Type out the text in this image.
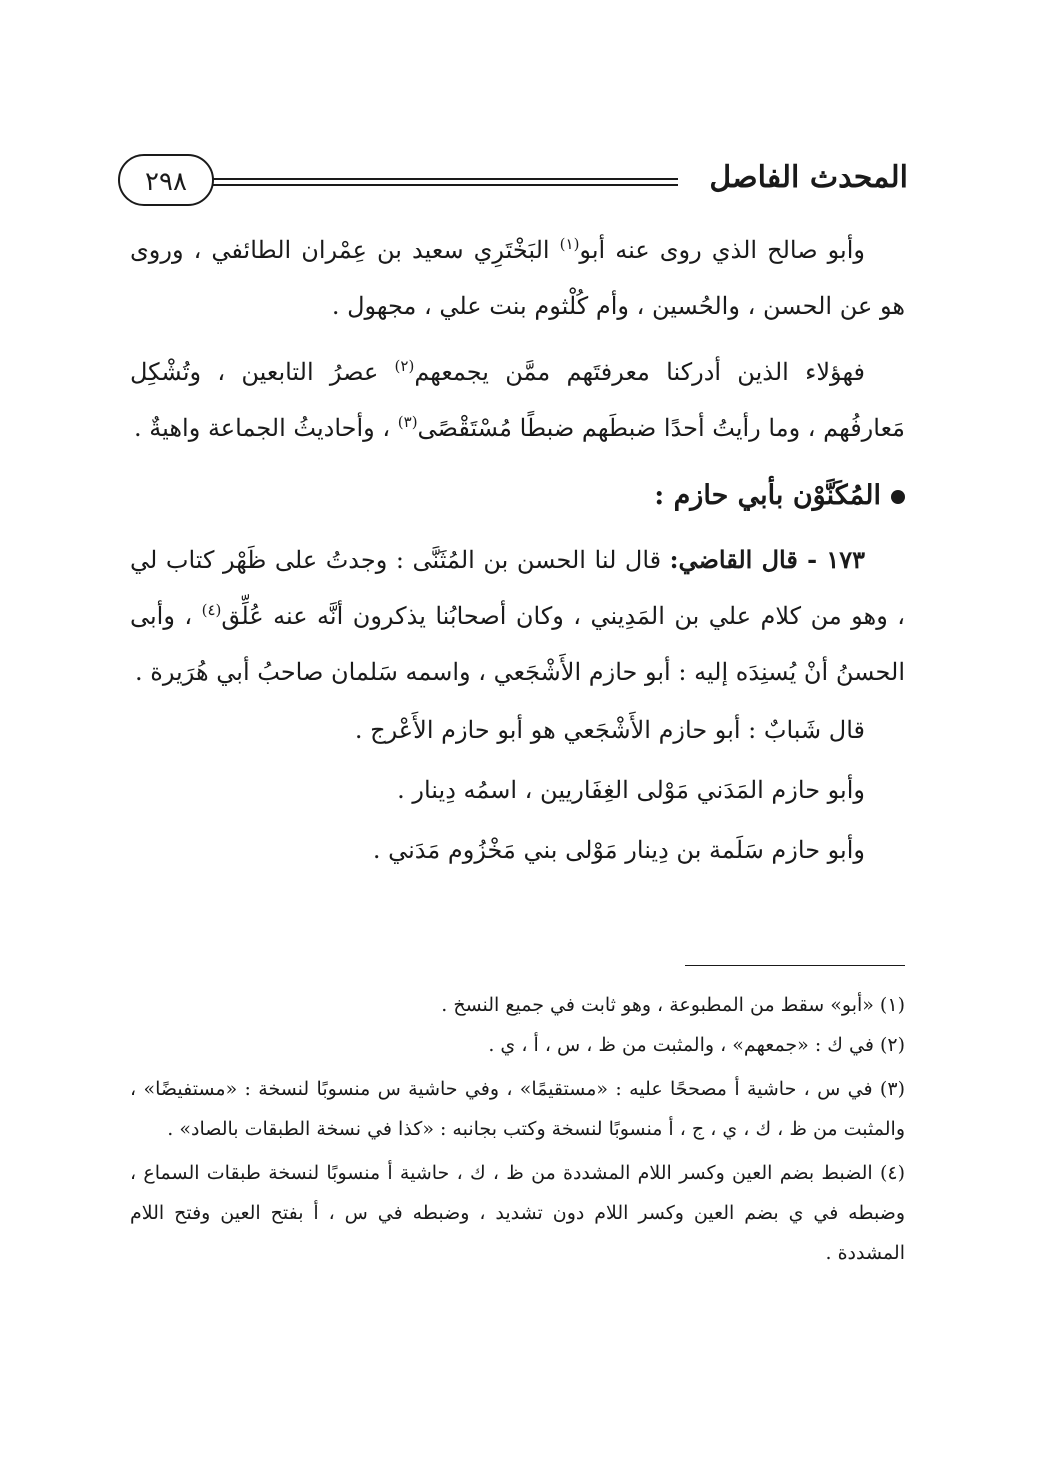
المحدث الفاصل
٢٩٨

وأبو صالح الذي روى عنه أبو$^{(١)}$ البَخْتَرِي سعيد بن عِمْران الطائفي ، وروى هو عن الحسن ، والحُسين ، وأم كُلْثوم بنت علي ، مجهول .

فهؤلاء الذين أدركنا معرفتَهم ممَّن يجمعهم$^{(٢)}$ عصرُ التابعين ، وتُشْكِل مَعارفُهم ، وما رأيتُ أحدًا ضبطَهم ضبطًا مُسْتَقْصًى$^{(٣)}$ ، وأحاديثُ الجماعة واهيةٌ .

المُكَنَّوْن بأبي حازم :

١٧٣ - قال القاضي: قال لنا الحسن بن المُثَنَّى : وجدتُ على ظَهْر كتاب لي ، وهو من كلام علي بن المَدِيني ، وكان أصحابُنا يذكرون أنَّه عنه عُلِّق$^{(٤)}$ ، وأبى الحسنُ أنْ يُسنِدَه إليه : أبو حازم الأَشْجَعي ، واسمه سَلمان صاحبُ أبي هُرَيرة .

قال شَبابٌ : أبو حازم الأَشْجَعي هو أبو حازم الأَعْرج .

وأبو حازم المَدَني مَوْلى الغِفَاريين ، اسمُه دِينار .

وأبو حازم سَلَمة بن دِينار مَوْلى بني مَخْزُوم مَدَني .

(١) «أبو» سقط من المطبوعة ، وهو ثابت في جميع النسخ .

(٢) في ك : «جمعهم» ، والمثبت من ظ ، س ، أ ، ي .

(٣) في س ، حاشية أ مصححًا عليه : «مستقيمًا» ، وفي حاشية س منسوبًا لنسخة : «مستفيضًا» ، والمثبت من ظ ، ك ، ي ، ج ، أ منسوبًا لنسخة وكتب بجانبه : «كذا في نسخة الطبقات بالصاد» .

(٤) الضبط بضم العين وكسر اللام المشددة من ظ ، ك ، حاشية أ منسوبًا لنسخة طبقات السماع ، وضبطه في ي بضم العين وكسر اللام دون تشديد ، وضبطه في س ، أ بفتح العين وفتح اللام المشددة .
